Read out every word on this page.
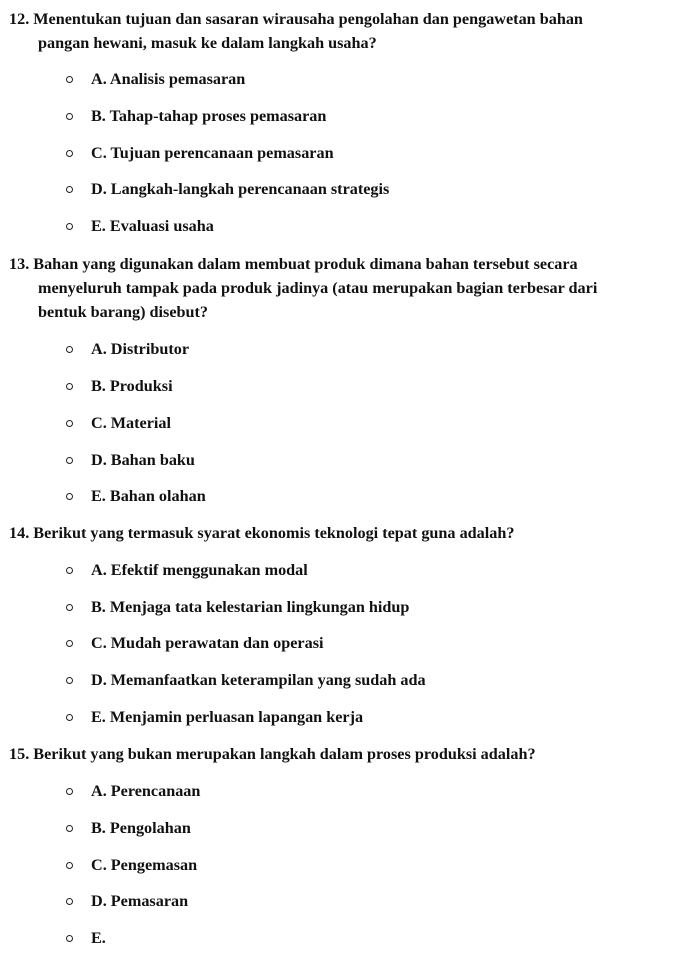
12. Menentukan tujuan dan sasaran wirausaha pengolahan dan pengawetan bahan
pangan hewani, masuk ke dalam langkah usaha?
A. Analisis pemasaran
B. Tahap-tahap proses pemasaran
C. Tujuan perencanaan pemasaran
D. Langkah-langkah perencanaan strategis
E. Evaluasi usaha
13. Bahan yang digunakan dalam membuat produk dimana bahan tersebut secara
menyeluruh tampak pada produk jadinya (atau merupakan bagian terbesar dari
bentuk barang) disebut?
A. Distributor
B. Produksi
C. Material
D. Bahan baku
E. Bahan olahan
14. Berikut yang termasuk syarat ekonomis teknologi tepat guna adalah?
A. Efektif menggunakan modal
B. Menjaga tata kelestarian lingkungan hidup
C. Mudah perawatan dan operasi
D. Memanfaatkan keterampilan yang sudah ada
E. Menjamin perluasan lapangan kerja
15. Berikut yang bukan merupakan langkah dalam proses produksi adalah?
A. Perencanaan
B. Pengolahan
C. Pengemasan
D. Pemasaran
E.
